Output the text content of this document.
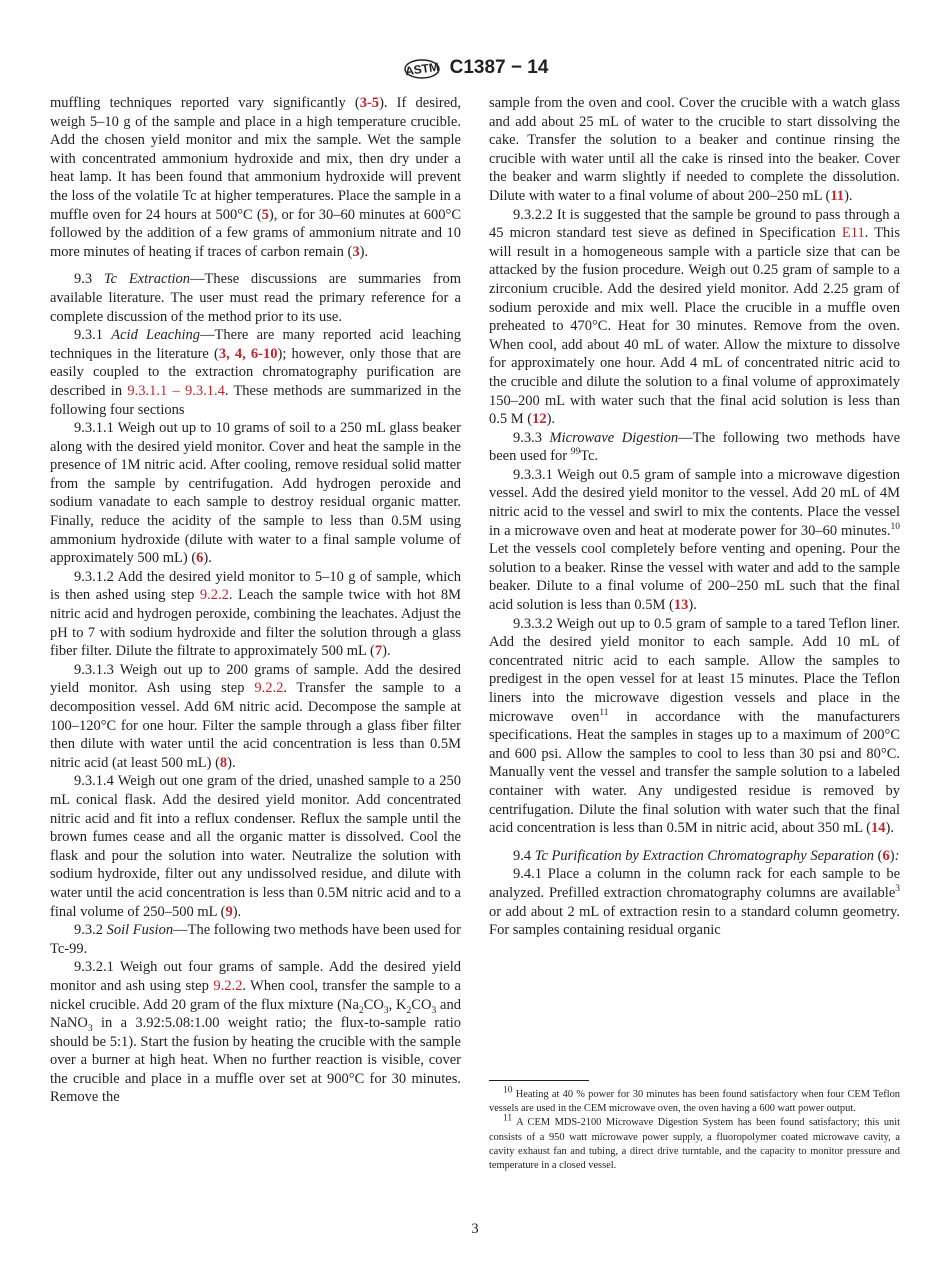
ASTM C1387 − 14

muffling techniques reported vary significantly (3-5). If desired, weigh 5–10 g of the sample and place in a high temperature crucible. Add the chosen yield monitor and mix the sample. Wet the sample with concentrated ammonium hydroxide and mix, then dry under a heat lamp. It has been found that ammonium hydroxide will prevent the loss of the volatile Tc at higher temperatures. Place the sample in a muffle oven for 24 hours at 500°C (5), or for 30–60 minutes at 600°C followed by the addition of a few grams of ammonium nitrate and 10 more minutes of heating if traces of carbon remain (3).

9.3 Tc Extraction—These discussions are summaries from available literature. The user must read the primary reference for a complete discussion of the method prior to its use.

9.3.1 Acid Leaching—There are many reported acid leaching techniques in the literature (3, 4, 6-10); however, only those that are easily coupled to the extraction chromatography purification are described in 9.3.1.1 – 9.3.1.4. These methods are summarized in the following four sections

9.3.1.1 Weigh out up to 10 grams of soil to a 250 mL glass beaker along with the desired yield monitor. Cover and heat the sample in the presence of 1M nitric acid. After cooling, remove residual solid matter from the sample by centrifugation. Add hydrogen peroxide and sodium vanadate to each sample to destroy residual organic matter. Finally, reduce the acidity of the sample to less than 0.5M using ammonium hydroxide (dilute with water to a final sample volume of approximately 500 mL) (6).

9.3.1.2 Add the desired yield monitor to 5–10 g of sample, which is then ashed using step 9.2.2. Leach the sample twice with hot 8M nitric acid and hydrogen peroxide, combining the leachates. Adjust the pH to 7 with sodium hydroxide and filter the solution through a glass fiber filter. Dilute the filtrate to approximately 500 mL (7).

9.3.1.3 Weigh out up to 200 grams of sample. Add the desired yield monitor. Ash using step 9.2.2. Transfer the sample to a decomposition vessel. Add 6M nitric acid. Decompose the sample at 100–120°C for one hour. Filter the sample through a glass fiber filter then dilute with water until the acid concentration is less than 0.5M nitric acid (at least 500 mL) (8).

9.3.1.4 Weigh out one gram of the dried, unashed sample to a 250 mL conical flask. Add the desired yield monitor. Add concentrated nitric acid and fit into a reflux condenser. Reflux the sample until the brown fumes cease and all the organic matter is dissolved. Cool the flask and pour the solution into water. Neutralize the solution with sodium hydroxide, filter out any undissolved residue, and dilute with water until the acid concentration is less than 0.5M nitric acid and to a final volume of 250–500 mL (9).

9.3.2 Soil Fusion—The following two methods have been used for Tc-99.

9.3.2.1 Weigh out four grams of sample. Add the desired yield monitor and ash using step 9.2.2. When cool, transfer the sample to a nickel crucible. Add 20 gram of the flux mixture ($Na_2CO_3$, $K_2CO_3$ and NaNO$_3$ in a 3.92:5.08:1.00 weight ratio; the flux-to-sample ratio should be 5:1). Start the fusion by heating the crucible with the sample over a burner at high heat. When no further reaction is visible, cover the crucible and place in a muffle over set at 900°C for 30 minutes. Remove the

sample from the oven and cool. Cover the crucible with a watch glass and add about 25 mL of water to the crucible to start dissolving the cake. Transfer the solution to a beaker and continue rinsing the crucible with water until all the cake is rinsed into the beaker. Cover the beaker and warm slightly if needed to complete the dissolution. Dilute with water to a final volume of about 200–250 mL (11).

9.3.2.2 It is suggested that the sample be ground to pass through a 45 micron standard test sieve as defined in Specification E11. This will result in a homogeneous sample with a particle size that can be attacked by the fusion procedure. Weigh out 0.25 gram of sample to a zirconium crucible. Add the desired yield monitor. Add 2.25 gram of sodium peroxide and mix well. Place the crucible in a muffle oven preheated to 470°C. Heat for 30 minutes. Remove from the oven. When cool, add about 40 mL of water. Allow the mixture to dissolve for approximately one hour. Add 4 mL of concentrated nitric acid to the crucible and dilute the solution to a final volume of approximately 150–200 mL with water such that the final acid solution is less than 0.5 M (12).

9.3.3 Microwave Digestion—The following two methods have been used for $^{99}$Tc.

9.3.3.1 Weigh out 0.5 gram of sample into a microwave digestion vessel. Add the desired yield monitor to the vessel. Add 20 mL of 4M nitric acid to the vessel and swirl to mix the contents. Place the vessel in a microwave oven and heat at moderate power for 30–60 minutes.$^{10}$ Let the vessels cool completely before venting and opening. Pour the solution to a beaker. Rinse the vessel with water and add to the sample beaker. Dilute to a final volume of 200–250 mL such that the final acid solution is less than 0.5M (13).

9.3.3.2 Weigh out up to 0.5 gram of sample to a tared Teflon liner. Add the desired yield monitor to each sample. Add 10 mL of concentrated nitric acid to each sample. Allow the samples to predigest in the open vessel for at least 15 minutes. Place the Teflon liners into the microwave digestion vessels and place in the microwave oven$^{11}$ in accordance with the manufacturers specifications. Heat the samples in stages up to a maximum of 200°C and 600 psi. Allow the samples to cool to less than 30 psi and 80°C. Manually vent the vessel and transfer the sample solution to a labeled container with water. Any undigested residue is removed by centrifugation. Dilute the final solution with water such that the final acid concentration is less than 0.5M in nitric acid, about 350 mL (14).

9.4 Tc Purification by Extraction Chromatography Separation (6):

9.4.1 Place a column in the column rack for each sample to be analyzed. Prefilled extraction chromatography columns are available$^3$ or add about 2 mL of extraction resin to a standard column geometry. For samples containing residual organic

$^{10}$ Heating at 40 % power for 30 minutes has been found satisfactory when four CEM Teflon vessels are used in the CEM microwave oven, the oven having a 600 watt power output.

$^{11}$ A CEM MDS-2100 Microwave Digestion System has been found satisfactory; this unit consists of a 950 watt microwave power supply, a fluoropolymer coated microwave cavity, a cavity exhaust fan and tubing, a direct drive turntable, and the capacity to monitor pressure and temperature in a closed vessel.

3
